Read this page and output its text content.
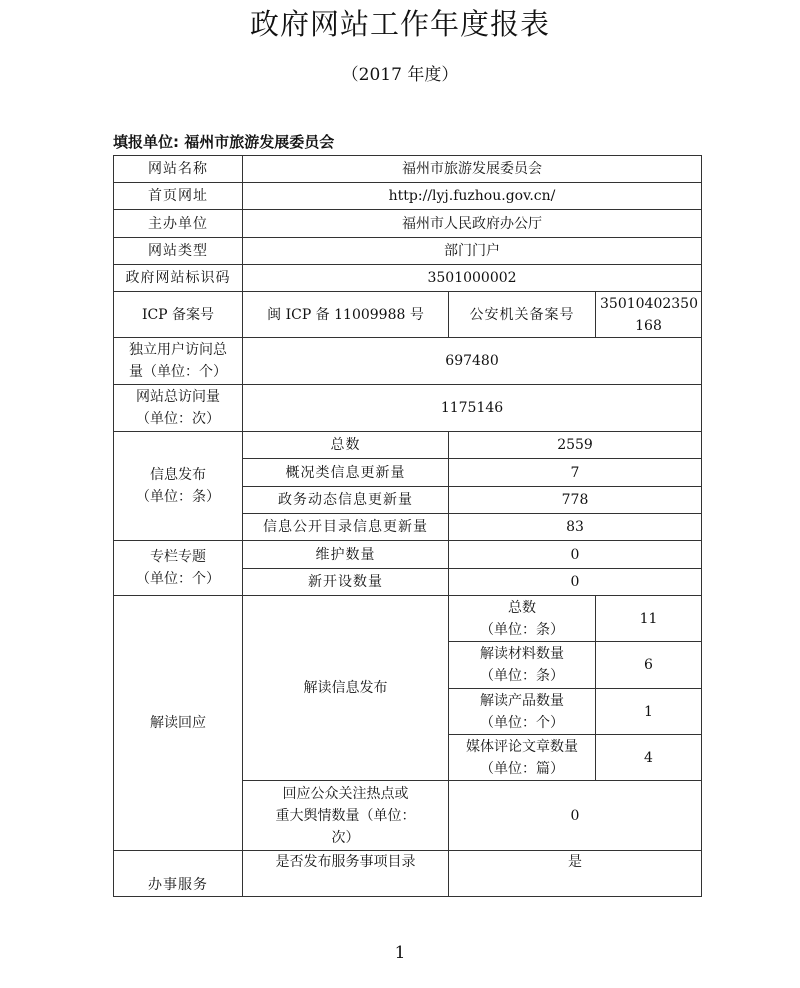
政府网站工作年度报表
（2017 年度）
填报单位: 福州市旅游发展委员会
网站名称	福州市旅游发展委员会		
首页网址	http://lyj.fuzhou.gov.cn/		
主办单位	福州市人民政府办公厅		
网站类型	部门门户		
政府网站标识码	3501000002		
ICP 备案号	闽 ICP 备 11009988 号	公安机关备案号	35010402350
168

独立用户访问总
量（单位：个）	697480		

网站总访问量
（单位：次）	1175146		

信息发布
（单位：条）	总数	2559	
	概况类信息更新量	7	
	政务动态信息更新量	778	
	信息公开目录信息更新量	83	

专栏专题
（单位：个）	维护数量	0	
	新开设数量	0	
解读回应	解读信息发布	总数
（单位：条）	11

		解读材料数量
（单位：条）	6

		解读产品数量
（单位：个）	1

		媒体评论文章数量
（单位：篇）	4

	回应公众关注热点或
重大舆情数量（单位：
次）	0	
办事服务	是否发布服务事项目录	是	
1
